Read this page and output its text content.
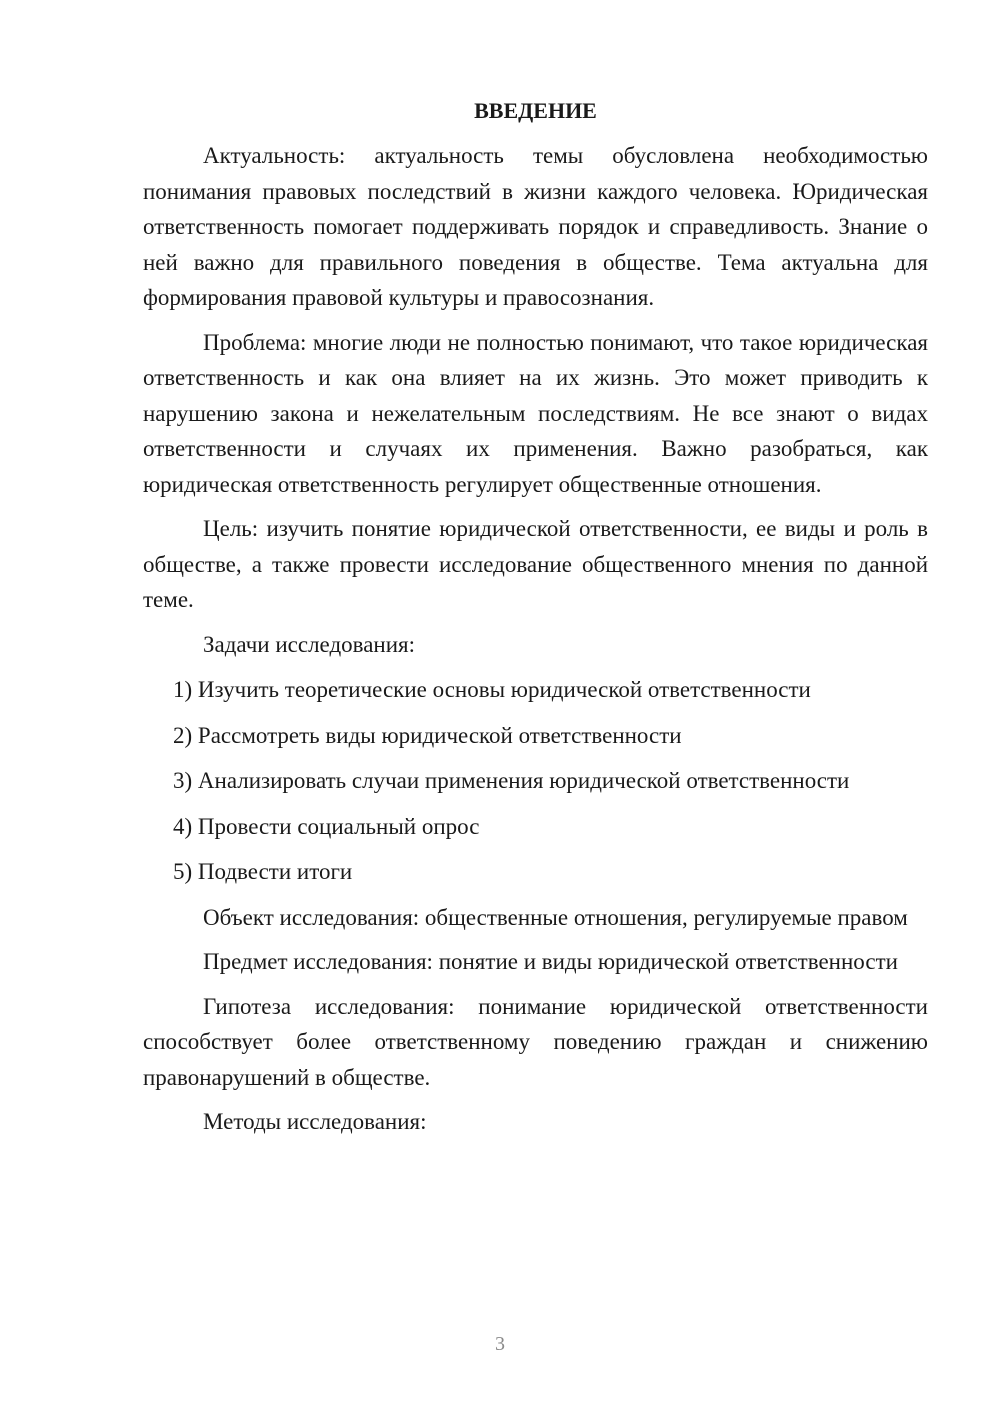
ВВЕДЕНИЕ

Актуальность: актуальность темы обусловлена необходимостью понимания правовых последствий в жизни каждого человека. Юридическая ответственность помогает поддерживать порядок и справедливость. Знание о ней важно для правильного поведения в обществе. Тема актуальна для формирования правовой культуры и правосознания.

Проблема: многие люди не полностью понимают, что такое юридическая ответственность и как она влияет на их жизнь. Это может приводить к нарушению закона и нежелательным последствиям. Не все знают о видах ответственности и случаях их применения. Важно разобраться, как юридическая ответственность регулирует общественные отношения.

Цель: изучить понятие юридической ответственности, ее виды и роль в обществе, а также провести исследование общественного мнения по данной теме.

Задачи исследования:

1) Изучить теоретические основы юридической ответственности
2) Рассмотреть виды юридической ответственности
3) Анализировать случаи применения юридической ответственности
4) Провести социальный опрос
5) Подвести итоги

Объект исследования: общественные отношения, регулируемые правом

Предмет исследования: понятие и виды юридической ответственности

Гипотеза исследования: понимание юридической ответственности способствует более ответственному поведению граждан и снижению правонарушений в обществе.

Методы исследования:

3
